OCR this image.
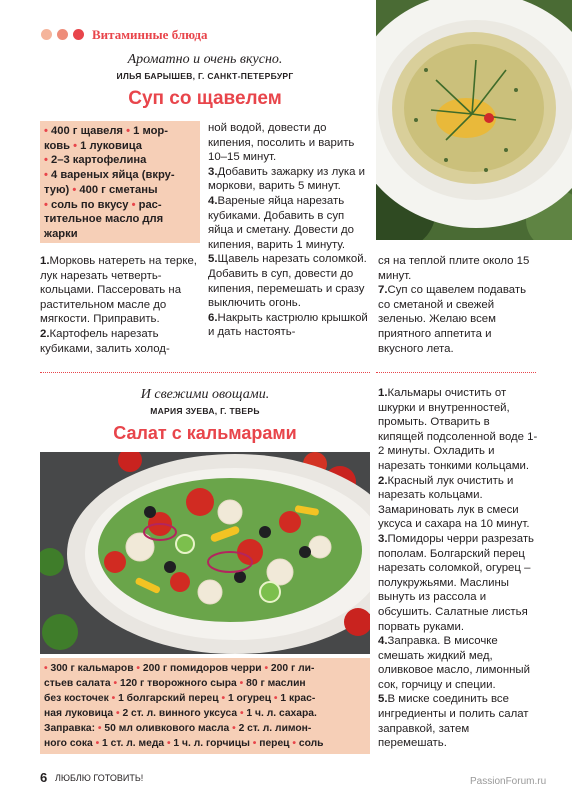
Витаминные блюда
Ароматно и очень вкусно.
ИЛЬЯ БАРЫШЕВ, Г. САНКТ-ПЕТЕРБУРГ
Суп со щавелем

• 400 г щавеля • 1 мор-

ковь • 1 луковица

• 2–3 картофелина

• 4 вареных яйца (вкру-

тую) • 400 г сметаны

• соль по вкусу • рас-

тительное масло для

жарки

1.Морковь натереть на терке, лук нарезать четверть-кольцами. Пассеровать на растительном масле до мягкости. Приправить.

2.Картофель нарезать кубиками, залить холод-

ной водой, довести до кипения, посолить и варить 10–15 минут.

3.Добавить зажарку из лука и моркови, варить 5 минут.

4.Вареные яйца нарезать кубиками. Добавить в суп яйца и сметану. Довести до кипения, варить 1 минуту.

5.Щавель нарезать соломкой. Добавить в суп, довести до кипения, перемешать и сразу выключить огонь.

6.Накрыть кастрюлю крышкой и дать настоять-

ся на теплой плите около 15 минут.

7.Суп со щавелем подавать со сметаной и свежей зеленью. Желаю всем приятного аппетита и вкусного лета.

И свежими овощами.
МАРИЯ ЗУЕВА, Г. ТВЕРЬ
Салат с кальмарами

• 300 г кальмаров • 200 г помидоров черри • 200 г ли-

стьев салата • 120 г творожного сыра • 80 г маслин

без косточек • 1 болгарский перец • 1 огурец • 1 крас-

ная луковица • 2 ст. л. винного уксуса • 1 ч. л. сахара.

Заправка: • 50 мл оливкового масла • 2 ст. л. лимон-

ного сока • 1 ст. л. меда • 1 ч. л. горчицы • перец • соль

1.Кальмары очистить от шкурки и внутренностей, промыть. Отварить в кипящей подсоленной воде 1-2 минуты. Охладить и нарезать тонкими кольцами.

2.Красный лук очистить и нарезать кольцами. Замариновать лук в смеси уксуса и сахара на 10 минут.

3.Помидоры черри разрезать пополам. Болгарский перец нарезать соломкой, огурец – полукружьями. Маслины вынуть из рассола и обсушить. Салатные листья порвать руками.

4.Заправка. В мисочке смешать жидкий мед, оливковое масло, лимонный сок, горчицу и специи.

5.В миске соединить все ингредиенты и полить салат заправкой, затем перемешать.

6 ЛЮБЛЮ ГОТОВИТЬ!	PassionForum.ru
